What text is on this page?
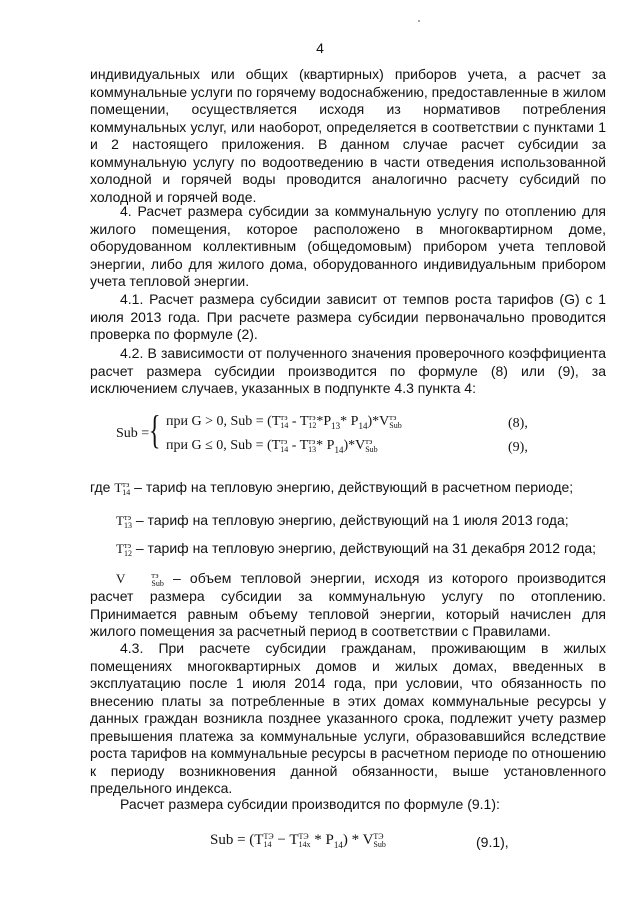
4
индивидуальных или общих (квартирных) приборов учета, а расчет за коммунальные услуги по горячему водоснабжению, предоставленные в жилом помещении, осуществляется исходя из нормативов потребления коммунальных услуг, или наоборот, определяется в соответствии с пунктами 1 и 2 настоящего приложения. В данном случае расчет субсидии за коммунальную услугу по водоотведению в части отведения использованной холодной и горячей воды проводится аналогично расчету субсидий по холодной и горячей воде.
4. Расчет размера субсидии за коммунальную услугу по отоплению для жилого помещения, которое расположено в многоквартирном доме, оборудованном коллективным (общедомовым) прибором учета тепловой энергии, либо для жилого дома, оборудованного индивидуальным прибором учета тепловой энергии.
4.1. Расчет размера субсидии зависит от темпов роста тарифов (G) с 1 июля 2013 года. При расчете размера субсидии первоначально проводится проверка по формуле (2).
4.2. В зависимости от полученного значения проверочного коэффициента расчет размера субсидии производится по формуле (8) или (9), за исключением случаев, указанных в подпункте 4.3 пункта 4:
Sub = { при G > 0, Sub = (T тэ
14 - T тэ
12 $*P_{13}*$ $P_{14})*V$ тэ
Sub	(8),
при G ≤ 0, Sub = (T тэ
14 - T тэ
$13 * P_{14})*V$ тэ
Sub	(9),
где T тэ
14 – тариф на тепловую энергию, действующий в расчетном периоде;
T тэ
13 – тариф на тепловую энергию, действующий на 1 июля 2013 года;
T тэ
12 – тариф на тепловую энергию, действующий на 31 декабря 2012 года;
V	тэ
Sub – объем тепловой энергии, исходя из которого производится расчет размера субсидии за коммунальную услугу по отоплению. Принимается равным объему тепловой энергии, который начислен для жилого помещения за расчетный период в соответствии с Правилами.
4.3. При расчете субсидии гражданам, проживающим в жилых помещениях многоквартирных домов и жилых домах, введенных в эксплуатацию после 1 июля 2014 года, при условии, что обязанность по внесению платы за потребленные в этих домах коммунальные ресурсы у данных граждан возникла позднее указанного срока, подлежит учету размер превышения платежа за коммунальные услуги, образовавшийся вследствие роста тарифов на коммунальные ресурсы в расчетном периоде по отношению к периоду возникновения данной обязанности, выше установленного предельного индекса.
Расчет размера субсидии производится по формуле (9.1):
Sub = (T ТЭ
14 − T ТЭ
$14x * P_{14}$) * V ТЭ
Sub	(9.1),
